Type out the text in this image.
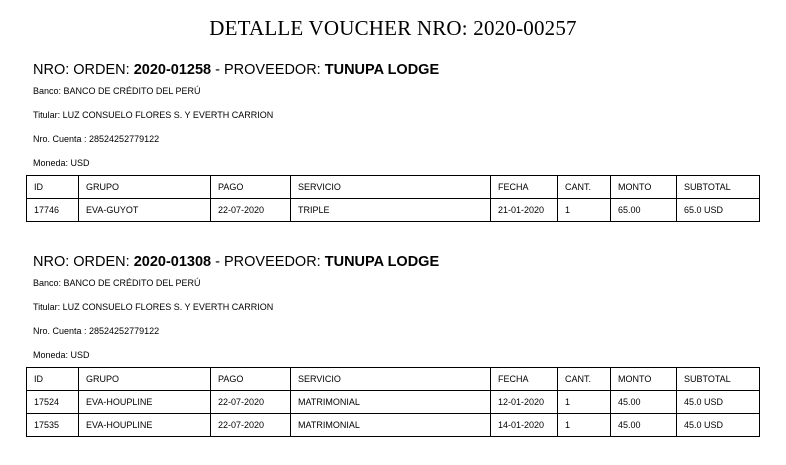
DETALLE VOUCHER NRO: 2020-00257
NRO: ORDEN: 2020-01258 - PROVEEDOR: TUNUPA LODGE
Banco: BANCO DE CRÉDITO DEL PERÚ
Titular: LUZ CONSUELO FLORES S. Y EVERTH CARRION
Nro. Cuenta : 28524252779122
Moneda: USD
ID	GRUPO	PAGO	SERVICIO	FECHA	CANT.	MONTO	SUBTOTAL
17746	EVA-GUYOT	22-07-2020	TRIPLE	21-01-2020	1	65.00	65.0 USD
NRO: ORDEN: 2020-01308 - PROVEEDOR: TUNUPA LODGE
Banco: BANCO DE CRÉDITO DEL PERÚ
Titular: LUZ CONSUELO FLORES S. Y EVERTH CARRION
Nro. Cuenta : 28524252779122
Moneda: USD
ID	GRUPO	PAGO	SERVICIO	FECHA	CANT.	MONTO	SUBTOTAL
17524	EVA-HOUPLINE	22-07-2020	MATRIMONIAL	12-01-2020	1	45.00	45.0 USD
17535	EVA-HOUPLINE	22-07-2020	MATRIMONIAL	14-01-2020	1	45.00	45.0 USD
